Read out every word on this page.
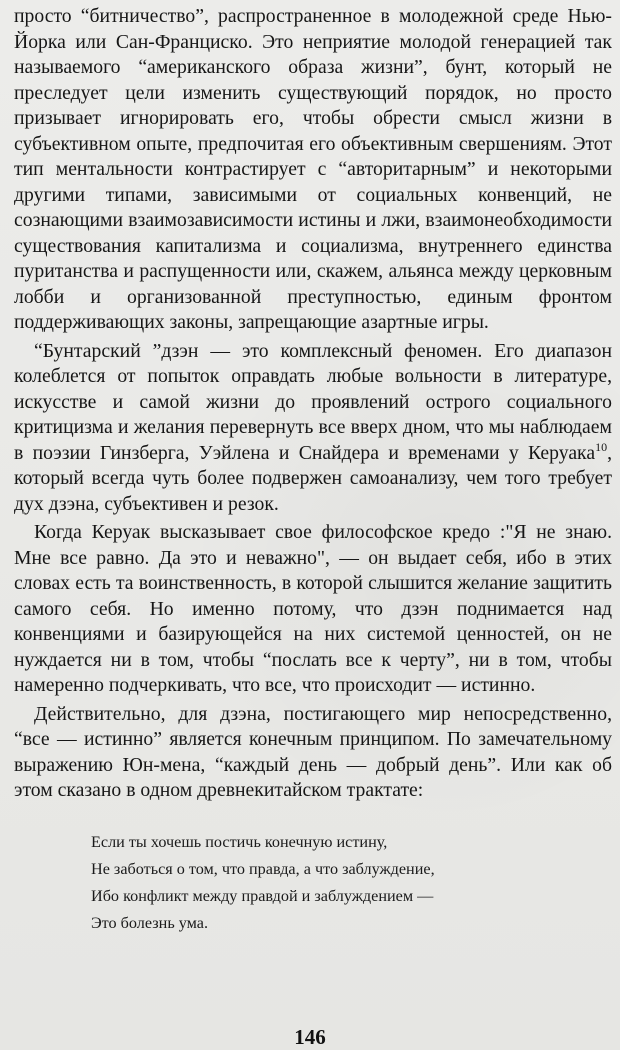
просто “битничество”, распространенное в молодежной среде Нью-Йорка или Сан-Франциско. Это неприятие молодой генерацией так называемого “американского образа жизни”, бунт, который не преследует цели изменить существующий порядок, но просто призывает игнорировать его, чтобы обрести смысл жизни в субъективном опыте, предпочитая его объективным свершениям. Этот тип ментальности контрастирует с “авторитарным” и некоторыми другими типами, зависимыми от социальных конвенций, не сознающими взаимозависимости истины и лжи, взаимонеобходимости существования капитализма и социализма, внутреннего единства пуританства и распущенности или, скажем, альянса между церковным лобби и организованной преступностью, единым фронтом поддерживающих законы, запрещающие азартные игры.

“Бунтарский ”дзэн — это комплексный феномен. Его диапазон колеблется от попыток оправдать любые вольности в литературе, искусстве и самой жизни до проявлений острого социального критицизма и желания перевернуть все вверх дном, что мы наблюдаем в поэзии Гинзберга, Уэйлена и Снайдера и временами у Керуака$^{10}$, который всегда чуть более подвержен самоанализу, чем того требует дух дзэна, субъективен и резок.

Когда Керуак высказывает свое философское кредо :"Я не знаю. Мне все равно. Да это и неважно", — он выдает себя, ибо в этих словах есть та воинственность, в которой слышится желание защитить самого себя. Но именно потому, что дзэн поднимается над конвенциями и базирующейся на них системой ценностей, он не нуждается ни в том, чтобы “послать все к черту”, ни в том, чтобы намеренно подчеркивать, что все, что происходит — истинно.

Действительно, для дзэна, постигающего мир непосредственно, “все — истинно” является конечным принципом. По замечательному выражению Юн-мена, “каждый день — добрый день”. Или как об этом сказано в одном древнекитайском трактате:

Если ты хочешь постичь конечную истину,
Не заботься о том, что правда, а что заблуждение,
Ибо конфликт между правдой и заблуждением —
Это болезнь ума.
146
